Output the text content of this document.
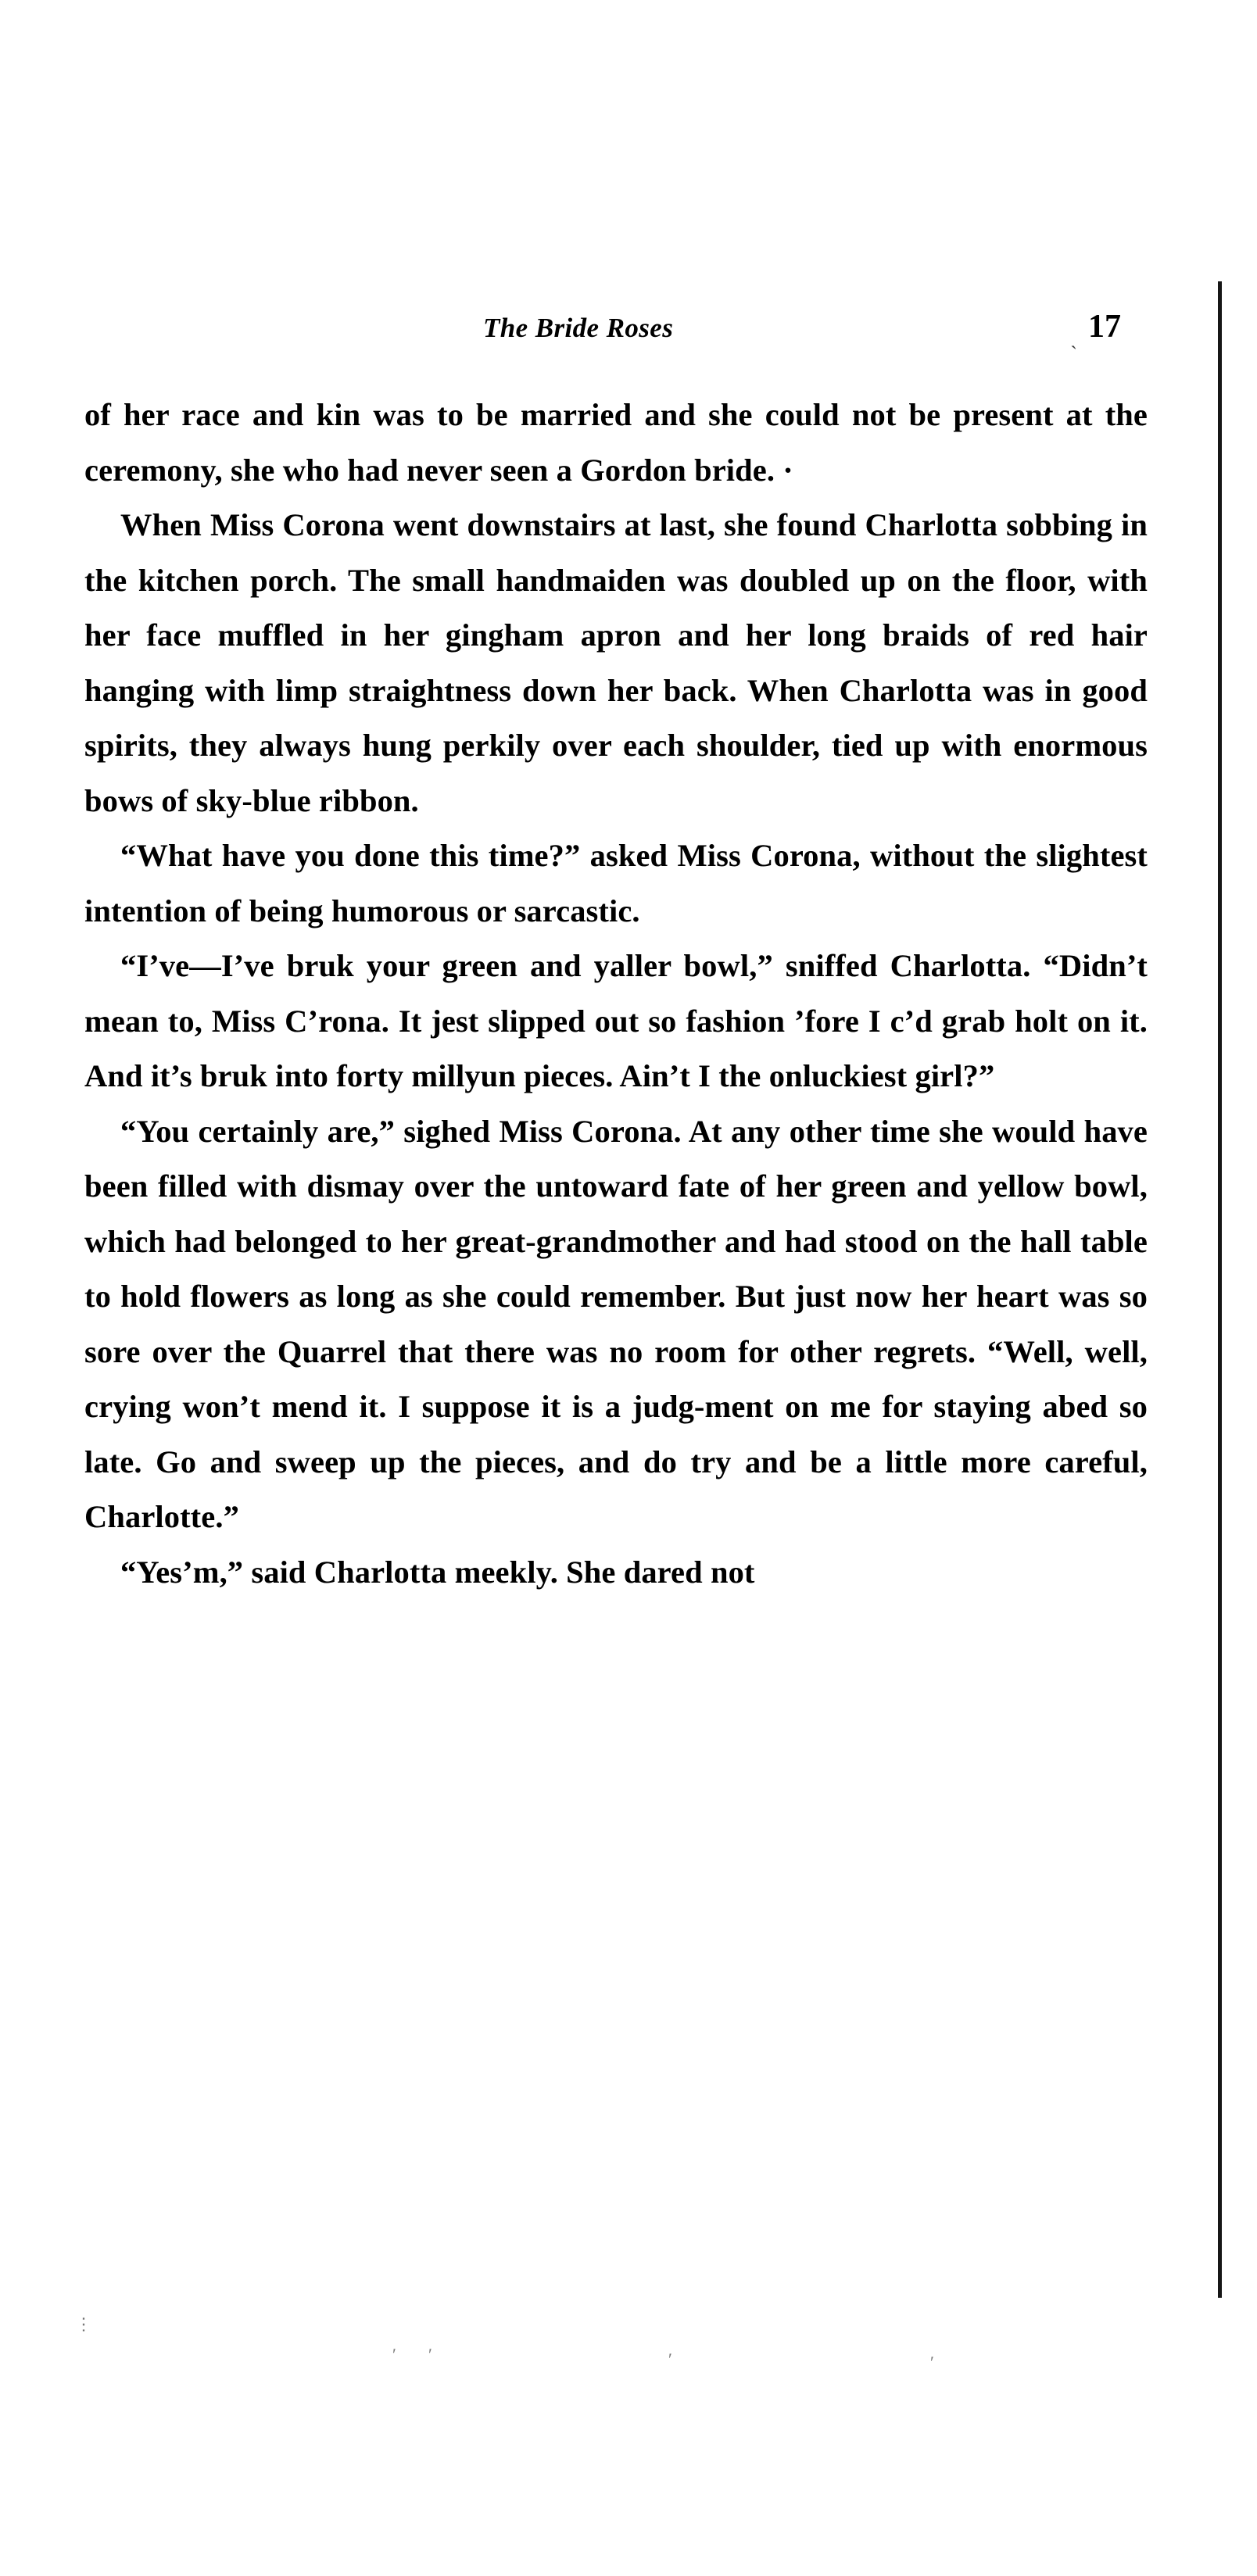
The Bride Roses	ˎ 17

of her race and kin was to be married and she could not be present at the ceremony, she who had never seen a Gordon bride. ·

When Miss Corona went downstairs at last, she found Charlotta sobbing in the kitchen porch. The small handmaiden was doubled up on the floor, with her face muffled in her gingham apron and her long braids of red hair hanging with limp straightness down her back. When Charlotta was in good spirits, they always hung perkily over each shoulder, tied up with enormous bows of sky-blue ribbon.

“What have you done this time?” asked Miss Corona, without the slightest intention of being humorous or sarcastic.

“I’ve—I’ve bruk your green and yaller bowl,” sniffed Charlotta. “Didn’t mean to, Miss C’rona. It jest slipped out so fashion ’fore I c’d grab holt on it. And it’s bruk into forty millyun pieces. Ain’t I the onluckiest girl?”

“You certainly are,” sighed Miss Corona. At any other time she would have been filled with dismay over the untoward fate of her green and yellow bowl, which had belonged to her great-grandmother and had stood on the hall table to hold flowers as long as she could remember. But just now her heart was so sore over the Quarrel that there was no room for other regrets. “Well, well, crying won’t mend it. I suppose it is a judg-ment on me for staying abed so late. Go and sweep up the pieces, and do try and be a little more careful, Charlotte.”

“Yes’m,” said Charlotta meekly. She dared not

⋮
′ ′	′	′
